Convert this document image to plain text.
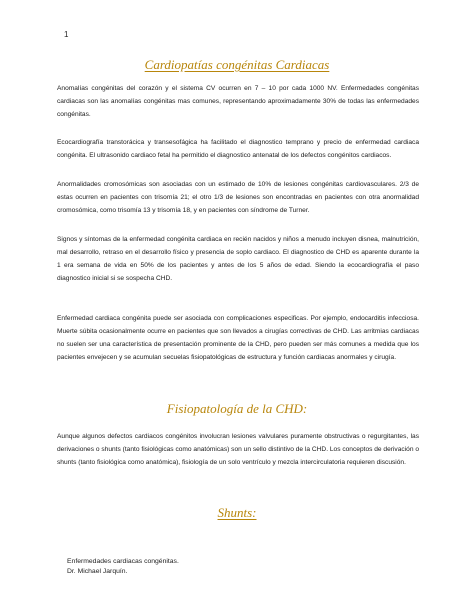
1
Cardiopatías congénitas Cardiacas
Anomalías congénitas del corazón y el sistema CV ocurren en 7 – 10 por cada 1000 NV. Enfermedades congénitas cardiacas son las anomalías congénitas mas comunes, representando aproximadamente 30% de todas las enfermedades congénitas.
Ecocardiografía transtorácica y transesofágica ha facilitado el diagnostico temprano y precio de enfermedad cardiaca congénita. El ultrasonido cardiaco fetal ha permitido el diagnostico antenatal de los defectos congénitos cardiacos.
Anormalidades cromosómicas son asociadas con un estimado de 10% de lesiones congénitas cardiovasculares. 2/3 de estas ocurren en pacientes con trisomía 21; el otro 1/3 de lesiones son encontradas en pacientes con otra anormalidad cromosómica, como trisomía 13 y trisomía 18, y en pacientes con síndrome de Turner.
Signos y síntomas de la enfermedad congénita cardiaca en recién nacidos y niños a menudo incluyen disnea, malnutrición, mal desarrollo, retraso en el desarrollo físico y presencia de soplo cardiaco. El diagnostico de CHD es aparente durante la 1 era semana de vida en 50% de los pacientes y antes de los 5 años de edad. Siendo la ecocardiografía el paso diagnostico inicial si se sospecha CHD.
Enfermedad cardiaca congénita puede ser asociada con complicaciones especificas. Por ejemplo, endocarditis infecciosa. Muerte súbita ocasionalmente ocurre en pacientes que son llevados a cirugías correctivas de CHD. Las arritmias cardiacas no suelen ser una característica de presentación prominente de la CHD, pero pueden ser más comunes a medida que los pacientes envejecen y se acumulan secuelas fisiopatológicas de estructura y función cardiacas anormales y cirugía.
Fisiopatología de la CHD:
Aunque algunos defectos cardiacos congénitos involucran lesiones valvulares puramente obstructivas o regurgitantes, las derivaciones o shunts (tanto fisiológicas como anatómicas) son un sello distintivo de la CHD. Los conceptos de derivación o shunts (tanto fisiológica como anatómica), fisiología de un solo ventrículo y mezcla intercirculatoria requieren discusión.
Shunts:
Enfermedades cardiacas congénitas.
Dr. Michael Jarquín.
